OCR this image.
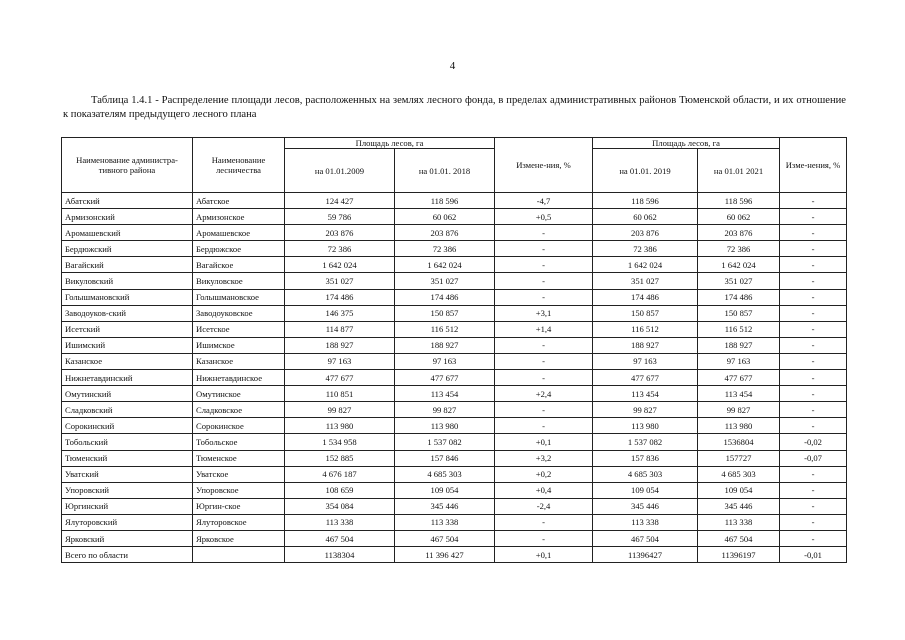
4
Таблица 1.4.1 - Распределение площади лесов, расположенных на землях лесного фонда, в пределах административных районов Тюменской области, и их отношение к показателям предыдущего лесного плана
Наименование администра-тивного района	Наименование лесничества	Площадь лесов, га		Измене-ния, %	Площадь лесов, га		Изме-нения, %
		на 01.01.2009	на 01.01. 2018		на 01.01. 2019	на 01.01 2021	
Абатский	Абатское	124 427	118 596	-4,7	118 596	118 596	-
Армизонский	Армизонское	59 786	60 062	+0,5	60 062	60 062	-
Аромашевский	Аромашевское	203 876	203 876	-	203 876	203 876	-
Бердюжский	Бердюжское	72 386	72 386	-	72 386	72 386	-
Вагайский	Вагайское	1 642 024	1 642 024	-	1 642 024	1 642 024	-
Викуловский	Викуловское	351 027	351 027	-	351 027	351 027	-
Голышмановский	Голышмановское	174 486	174 486	-	174 486	174 486	-
Заводоуков-ский	Заводоуковское	146 375	150 857	+3,1	150 857	150 857	-
Исетский	Исетское	114 877	116 512	+1,4	116 512	116 512	-
Ишимский	Ишимское	188 927	188 927	-	188 927	188 927	-
Казанское	Казанское	97 163	97 163	-	97 163	97 163	-
Нижнетавдинский	Нижнетавдинское	477 677	477 677	-	477 677	477 677	-
Омутинский	Омутинское	110 851	113 454	+2,4	113 454	113 454	-
Сладковский	Сладковское	99 827	99 827	-	99 827	99 827	-
Сорокинский	Сорокинское	113 980	113 980	-	113 980	113 980	-
Тобольский	Тобольское	1 534 958	1 537 082	+0,1	1 537 082	1536804	-0,02
Тюменский	Тюменское	152 885	157 846	+3,2	157 836	157727	-0,07
Уватский	Уватское	4 676 187	4 685 303	+0,2	4 685 303	4 685 303	-
Упоровский	Упоровское	108 659	109 054	+0,4	109 054	109 054	-
Юргинский	Юргин-ское	354 084	345 446	-2,4	345 446	345 446	-
Ялуторовский	Ялуторовское	113 338	113 338	-	113 338	113 338	-
Ярковский	Ярковское	467 504	467 504	-	467 504	467 504	-
Всего по области		1138304	11 396 427	+0,1	11396427	11396197	-0,01
